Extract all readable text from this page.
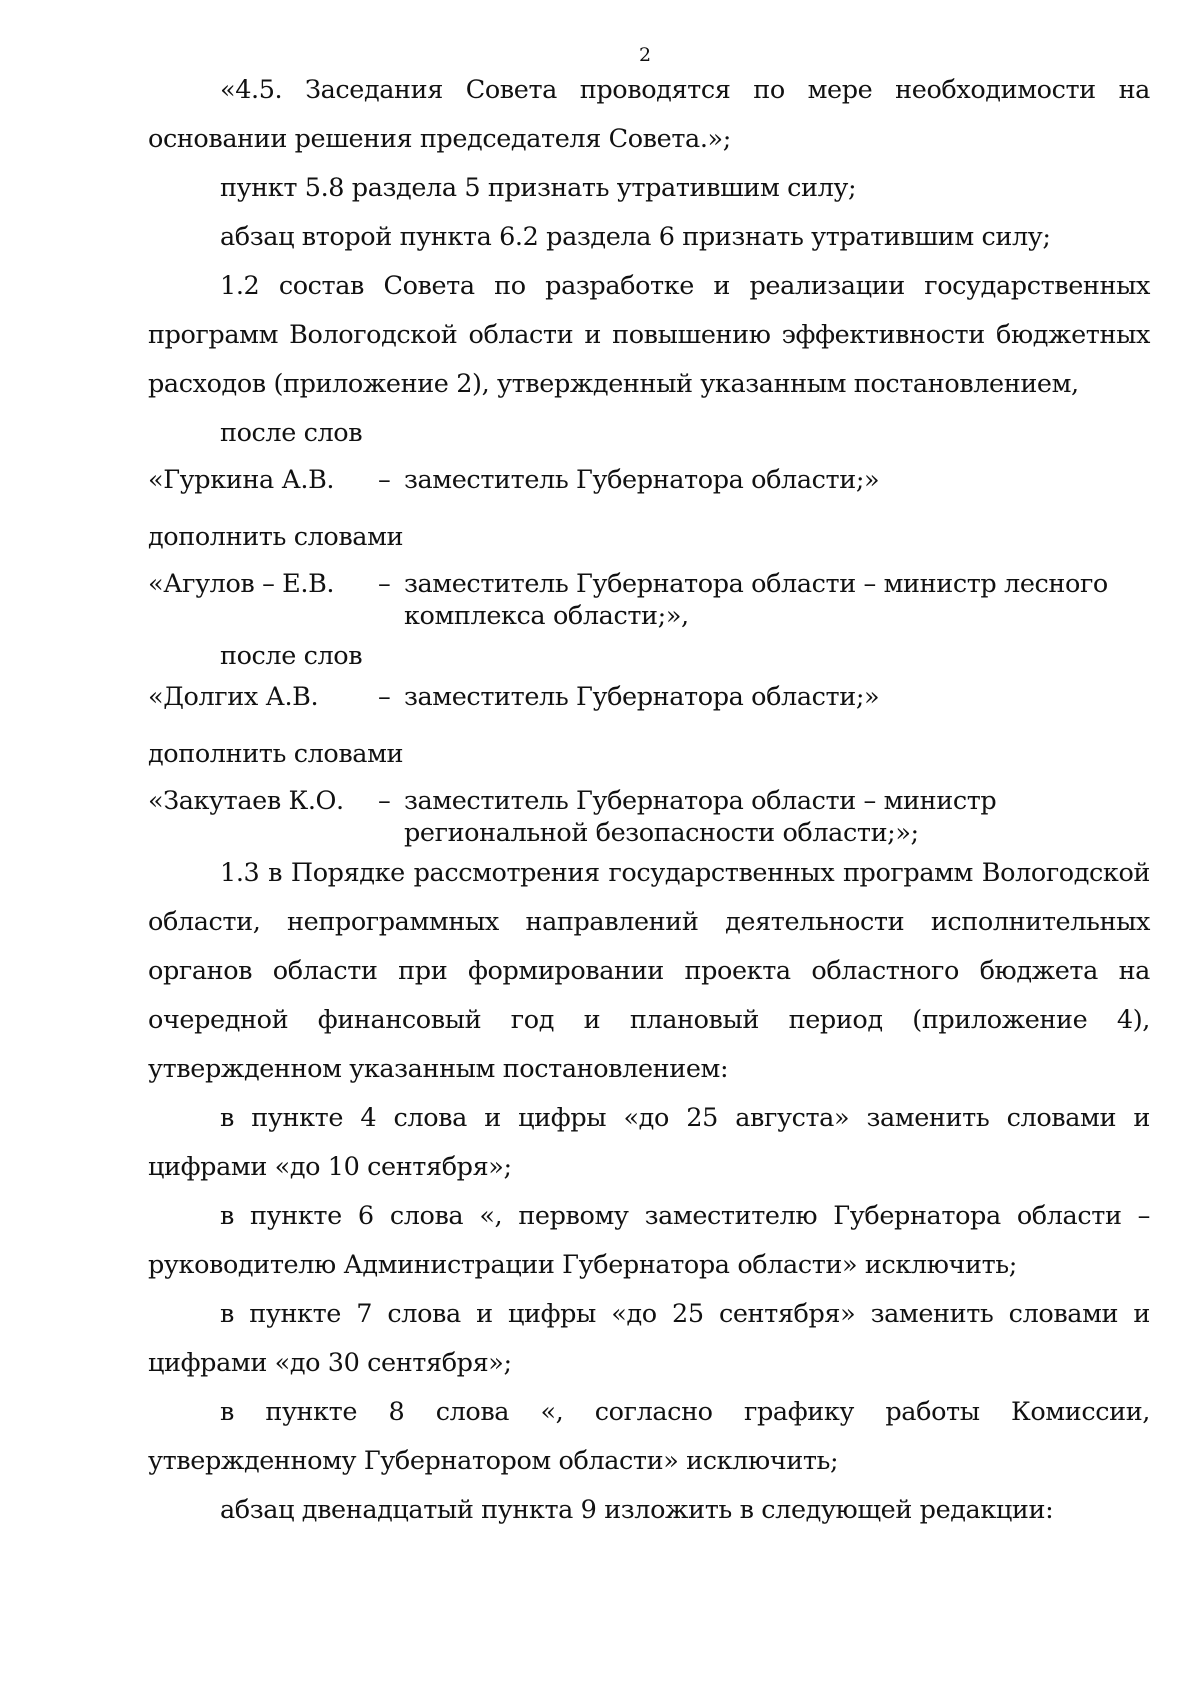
2

«4.5. Заседания Совета проводятся по мере необходимости на основании решения председателя Совета.»;

пункт 5.8 раздела 5 признать утратившим силу;

абзац второй пункта 6.2 раздела 6 признать утратившим силу;

1.2 состав Совета по разработке и реализации государственных программ Вологодской области и повышению эффективности бюджетных расходов (приложение 2), утвержденный указанным постановлением,

после слов

«Гуркина А.В.	– заместитель Губернатора области;»

дополнить словами

«Агулов – Е.В.	– заместитель Губернатора области – министр лесного комплекса области;»,

после слов

«Долгих А.В.	– заместитель Губернатора области;»

дополнить словами

«Закутаев К.О.	– заместитель Губернатора области – министр региональной безопасности области;»;

1.3 в Порядке рассмотрения государственных программ Вологодской области, непрограммных направлений деятельности исполнительных органов области при формировании проекта областного бюджета на очередной финансовый год и плановый период (приложение 4), утвержденном указанным постановлением:

в пункте 4 слова и цифры «до 25 августа» заменить словами и цифрами «до 10 сентября»;

в пункте 6 слова «, первому заместителю Губернатора области – руководителю Администрации Губернатора области» исключить;

в пункте 7 слова и цифры «до 25 сентября» заменить словами и цифрами «до 30 сентября»;

в пункте 8 слова «, согласно графику работы Комиссии, утвержденному Губернатором области» исключить;

абзац двенадцатый пункта 9 изложить в следующей редакции:
